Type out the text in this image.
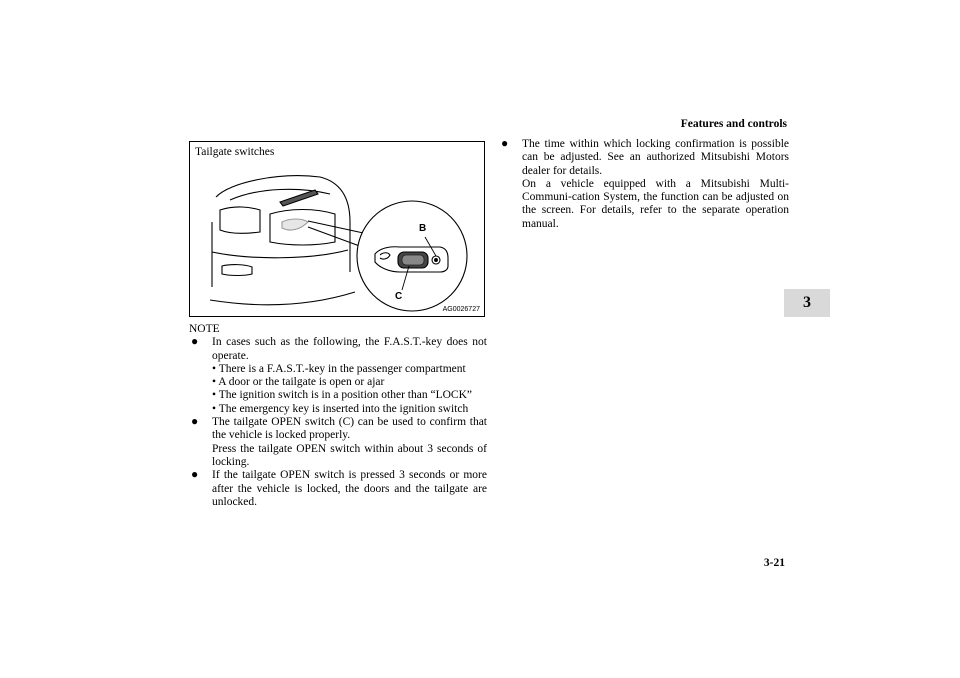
Features and controls
3
Tailgate switches
B
C
AG0026727
NOTE
● In cases such as the following, the F.A.S.T.-key does not operate.
• There is a F.A.S.T.-key in the passenger compartment
• A door or the tailgate is open or ajar
• The ignition switch is in a position other than “LOCK”
• The emergency key is inserted into the ignition switch
● The tailgate OPEN switch (C) can be used to confirm that the vehicle is locked properly.
Press the tailgate OPEN switch within about 3 seconds of locking.
● If the tailgate OPEN switch is pressed 3 seconds or more after the vehicle is locked, the doors and the tailgate are unlocked.
● The time within which locking confirmation is possible can be adjusted. See an authorized Mitsubishi Motors dealer for details.
On a vehicle equipped with a Mitsubishi Multi-Communi-cation System, the function can be adjusted on the screen. For details, refer to the separate operation manual.
3-21
